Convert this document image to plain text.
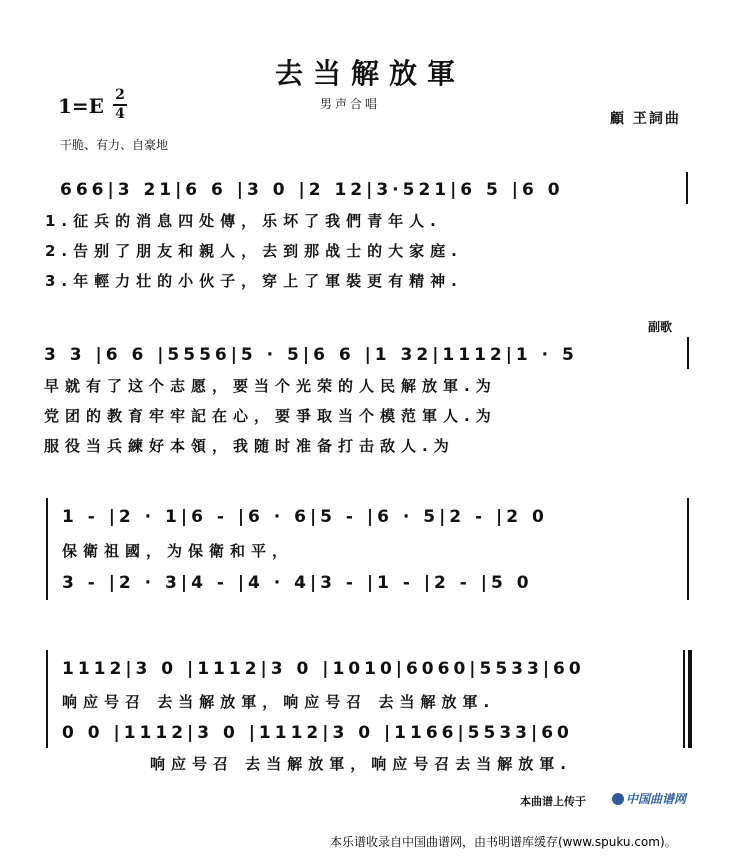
去当解放軍
男声合唱
1=E 2
4	顧 玊詞曲
干脆、有力、自豪地
666|3 21|6 6 |3 0 |2 12|3·521|6 5 |6 0
1.征兵的消息四处傳，乐坏了我們青年人.
2.告别了朋友和親人，去到那战士的大家庭.
3.年輕力壮的小伙子，穿上了軍裝更有精神.
副歌
3 3 |6 6 |5556|5 · 5|6 6 |1 32|1112|1 · 5
早就有了这个志愿，要当个光荣的人民解放軍.为
党团的教育牢牢記在心，要爭取当个模范軍人.为
服役当兵練好本領，我随时准备打击敌人.为
1 - |2 · 1|6 - |6 · 6|5 - |6 · 5|2 - |2 0
保衛祖國，为保衛和平，
3 - |2 · 3|4 - |4 · 4|3 - |1 - |2 - |5 0
1112|3 0 |1112|3 0 |1010|6060|5533|60
响应号召 去当解放軍，响应号召 去当解放軍.
0 0 |1112|3 0 |1112|3 0 |1166|5533|60
响应号召 去当解放軍，响应号召去当解放軍.
本曲谱上传于	中国曲谱网
本乐谱收录自中国曲谱网，由书明谱库缓存(www.spuku.com)。
